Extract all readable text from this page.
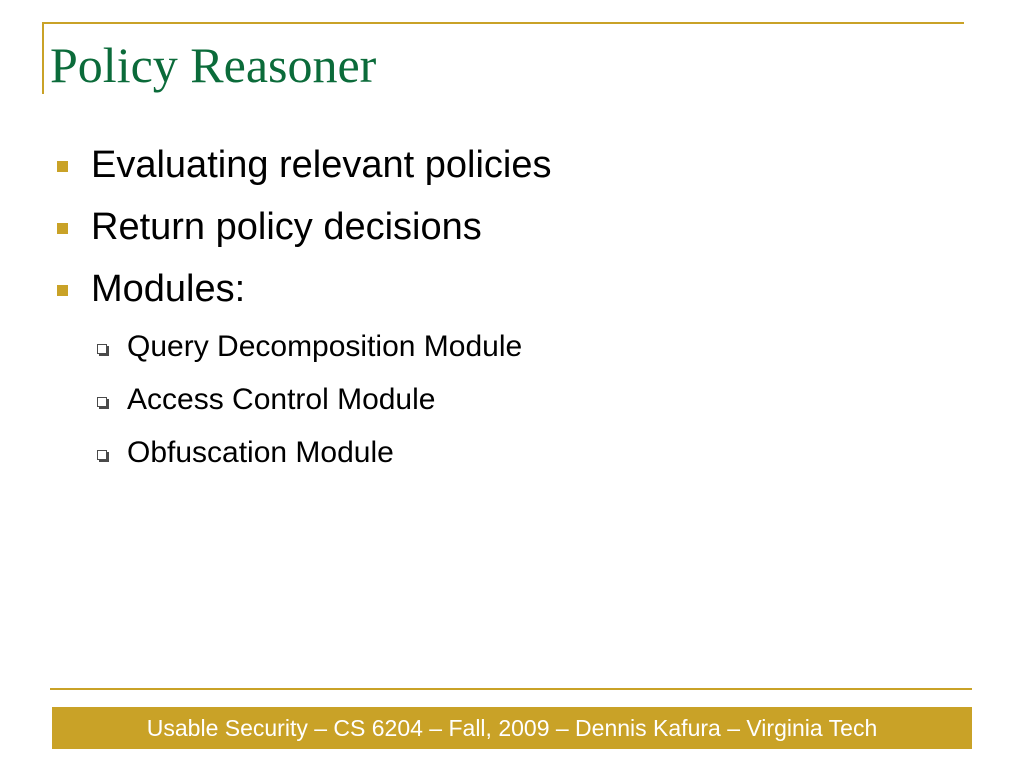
Policy Reasoner
Evaluating relevant policies
Return policy decisions
Modules:
Query Decomposition Module
Access Control Module
Obfuscation Module
Usable Security – CS 6204 – Fall, 2009 – Dennis Kafura – Virginia Tech
